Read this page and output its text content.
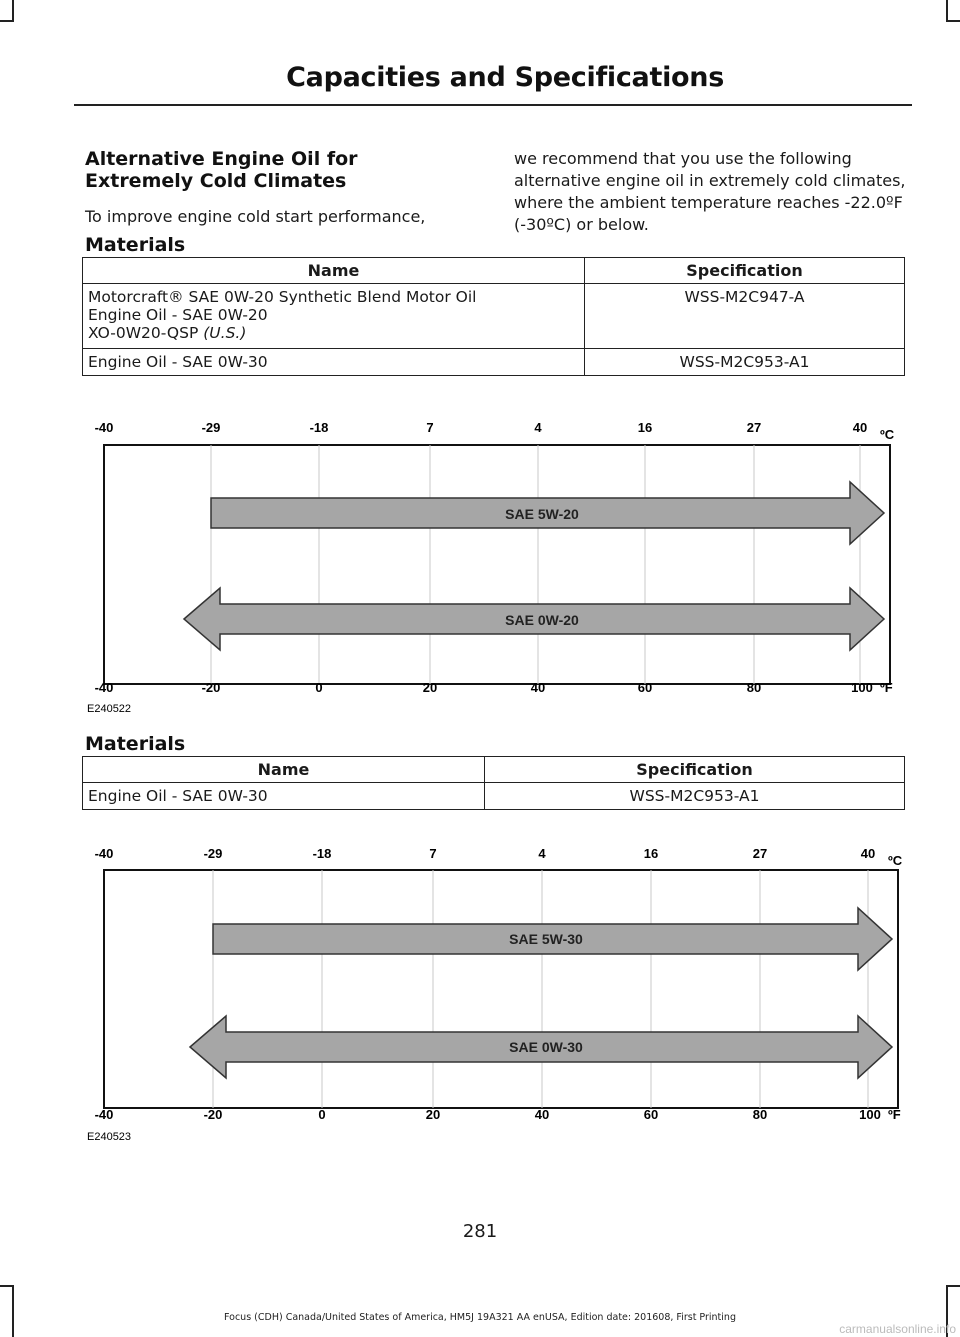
Capacities and Specifications
Alternative Engine Oil for
Extremely Cold Climates
To improve engine cold start performance,
we recommend that you use the following alternative engine oil in extremely cold climates, where the ambient temperature reaches -22.0ºF (-30ºC) or below.
Materials
Name	Specification

Motorcraft® SAE 0W-20 Synthetic Blend Motor Oil
Engine Oil - SAE 0W-20
XO-0W20-QSP (U.S.)	WSS-M2C947-A
Engine Oil - SAE 0W-30	WSS-M2C953-A1
-40	-29	-18	7	4	16	27	40 ºC
SAE 5W-20
SAE 0W-20
-40	-20	0	20	40	60	80	100 ºF
E240522
Materials
Name	Specification
Engine Oil - SAE 0W-30	WSS-M2C953-A1
-40	-29	-18	7	4	16	27	40 ºC
SAE 5W-30
SAE 0W-30
-40	-20	0	20	40	60	80	100 ºF
E240523
281
Focus (CDH) Canada/United States of America, HM5J 19A321 AA enUSA, Edition date: 201608, First Printing
carmanualsonline.info
